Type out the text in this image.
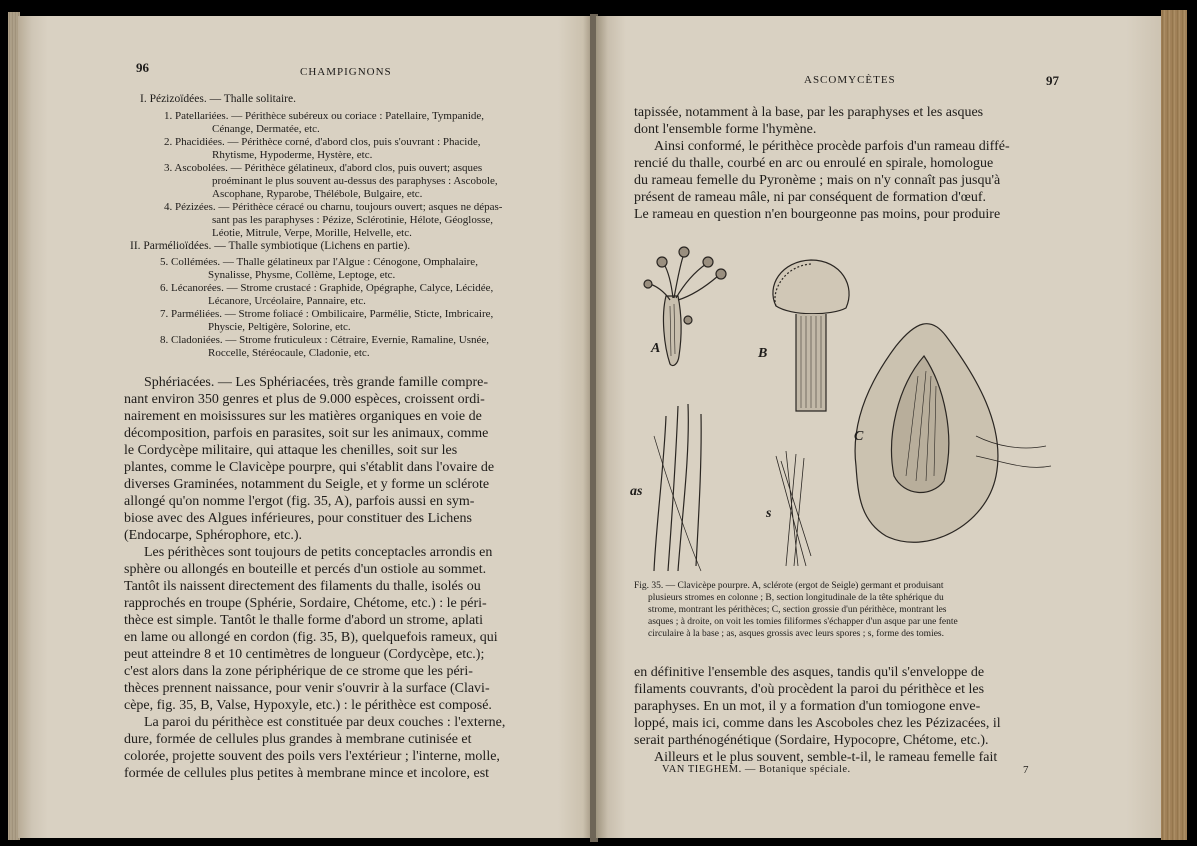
96	CHAMPIGNONS
I. Pézizoïdées. — Thalle solitaire.
1. Patellariées. — Périthèce subéreux ou coriace : Patellaire, Tympanide,
Cénange, Dermatée, etc.
2. Phacidiées. — Périthèce corné, d'abord clos, puis s'ouvrant : Phacide,
Rhytisme, Hypoderme, Hystère, etc.
3. Ascobolées. — Périthèce gélatineux, d'abord clos, puis ouvert; asques
proéminant le plus souvent au-dessus des paraphyses : Ascobole,
Ascophane, Ryparobe, Thélébole, Bulgaire, etc.
4. Pézizées. — Périthèce céracé ou charnu, toujours ouvert; asques ne dépas-
sant pas les paraphyses : Pézize, Sclérotinie, Hélote, Géoglosse,
Léotie, Mitrule, Verpe, Morille, Helvelle, etc.
II. Parmélioïdées. — Thalle symbiotique (Lichens en partie).
5. Collémées. — Thalle gélatineux par l'Algue : Cénogone, Omphalaire,
Synalisse, Physme, Collème, Leptoge, etc.
6. Lécanorées. — Strome crustacé : Graphide, Opégraphe, Calyce, Lécidée,
Lécanore, Urcéolaire, Pannaire, etc.
7. Parméliées. — Strome foliacé : Ombilicaire, Parmélie, Sticte, Imbricaire,
Physcie, Peltigère, Solorine, etc.
8. Cladoniées. — Strome fruticuleux : Cétraire, Evernie, Ramaline, Usnée,
Roccelle, Stéréocaule, Cladonie, etc.
Sphériacées. — Les Sphériacées, très grande famille compre-
nant environ 350 genres et plus de 9.000 espèces, croissent ordi-
nairement en moisissures sur les matières organiques en voie de
décomposition, parfois en parasites, soit sur les animaux, comme
le Cordycèpe militaire, qui attaque les chenilles, soit sur les
plantes, comme le Clavicèpe pourpre, qui s'établit dans l'ovaire de
diverses Graminées, notamment du Seigle, et y forme un sclérote
allongé qu'on nomme l'ergot (fig. 35, A), parfois aussi en sym-
biose avec des Algues inférieures, pour constituer des Lichens
(Endocarpe, Sphérophore, etc.).
Les périthèces sont toujours de petits conceptacles arrondis en
sphère ou allongés en bouteille et percés d'un ostiole au sommet.
Tantôt ils naissent directement des filaments du thalle, isolés ou
rapprochés en troupe (Sphérie, Sordaire, Chétome, etc.) : le péri-
thèce est simple. Tantôt le thalle forme d'abord un strome, aplati
en lame ou allongé en cordon (fig. 35, B), quelquefois rameux, qui
peut atteindre 8 et 10 centimètres de longueur (Cordycèpe, etc.);
c'est alors dans la zone périphérique de ce strome que les péri-
thèces prennent naissance, pour venir s'ouvrir à la surface (Clavi-
cèpe, fig. 35, B, Valse, Hypoxyle, etc.) : le périthèce est composé.
La paroi du périthèce est constituée par deux couches : l'externe,
dure, formée de cellules plus grandes à membrane cutinisée et
colorée, projette souvent des poils vers l'extérieur ; l'interne, molle,
formée de cellules plus petites à membrane mince et incolore, est
ASCOMYCÈTES	97
tapissée, notamment à la base, par les paraphyses et les asques
dont l'ensemble forme l'hymène.
Ainsi conformé, le périthèce procède parfois d'un rameau diffé-
rencié du thalle, courbé en arc ou enroulé en spirale, homologue
du rameau femelle du Pyronème ; mais on n'y connaît pas jusqu'à
présent de rameau mâle, ni par conséquent de formation d'œuf.
Le rameau en question n'en bourgeonne pas moins, pour produire
A	B
C
as
s
Fig. 35. — Clavicèpe pourpre. A, sclérote (ergot de Seigle) germant et produisant
plusieurs stromes en colonne ; B, section longitudinale de la tête sphérique du
strome, montrant les périthèces; C, section grossie d'un périthèce, montrant les
asques ; à droite, on voit les tomies filiformes s'échapper d'un asque par une fente
circulaire à la base ; as, asques grossis avec leurs spores ; s, forme des tomies.
en définitive l'ensemble des asques, tandis qu'il s'enveloppe de
filaments couvrants, d'où procèdent la paroi du périthèce et les
paraphyses. En un mot, il y a formation d'un tomiogone enve-
loppé, mais ici, comme dans les Ascoboles chez les Pézizacées, il
serait parthénogénétique (Sordaire, Hypocopre, Chétome, etc.).
Ailleurs et le plus souvent, semble-t-il, le rameau femelle fait
VAN TIEGHEM. — Botanique spéciale.	7
